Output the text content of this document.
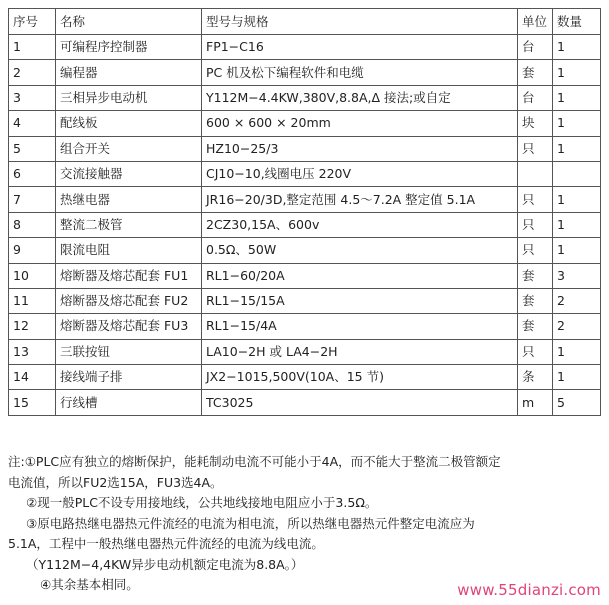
序号	名称	型号与规格	单位	数量
1	可编程序控制器	FP1−C16	台	1
2	编程器	PC 机及松下编程软件和电缆	套	1
3	三相异步电动机	Y112M−4.4KW,380V,8.8A,Δ 接法;或自定	台	1
4	配线板	600 × 600 × 20mm	块	1
5	组合开关	HZ10−25/3	只	1
6	交流接触器	CJ10−10,线圈电压 220V		
7	热继电器	JR16−20/3D,整定范围 4.5～7.2A 整定值 5.1A	只	1
8	整流二极管	2CZ30,15A、600v	只	1
9	限流电阻	0.5Ω、50W	只	1
10	熔断器及熔芯配套 FU1	RL1−60/20A	套	3
11	熔断器及熔芯配套 FU2	RL1−15/15A	套	2
12	熔断器及熔芯配套 FU3	RL1−15/4A	套	2
13	三联按钮	LA10−2H 或 LA4−2H	只	1
14	接线端子排	JX2−1015,500V(10A、15 节)	条	1
15	行线槽	TC3025	m	5

注:①PLC应有独立的熔断保护，能耗制动电流不可能小于4A，而不能大于整流二极管额定

电流值，所以FU2选15A，FU3选4A。

②现一般PLC不设专用接地线，公共地线接地电阻应小于3.5Ω。

③原电路热继电器热元件流经的电流为相电流，所以热继电器热元件整定电流应为

5.1A，工程中一般热继电器热元件流经的电流为线电流。

（Y112M−4,4KW异步电动机额定电流为8.8A。）

④其余基本相同。	www.55dianzi.com
